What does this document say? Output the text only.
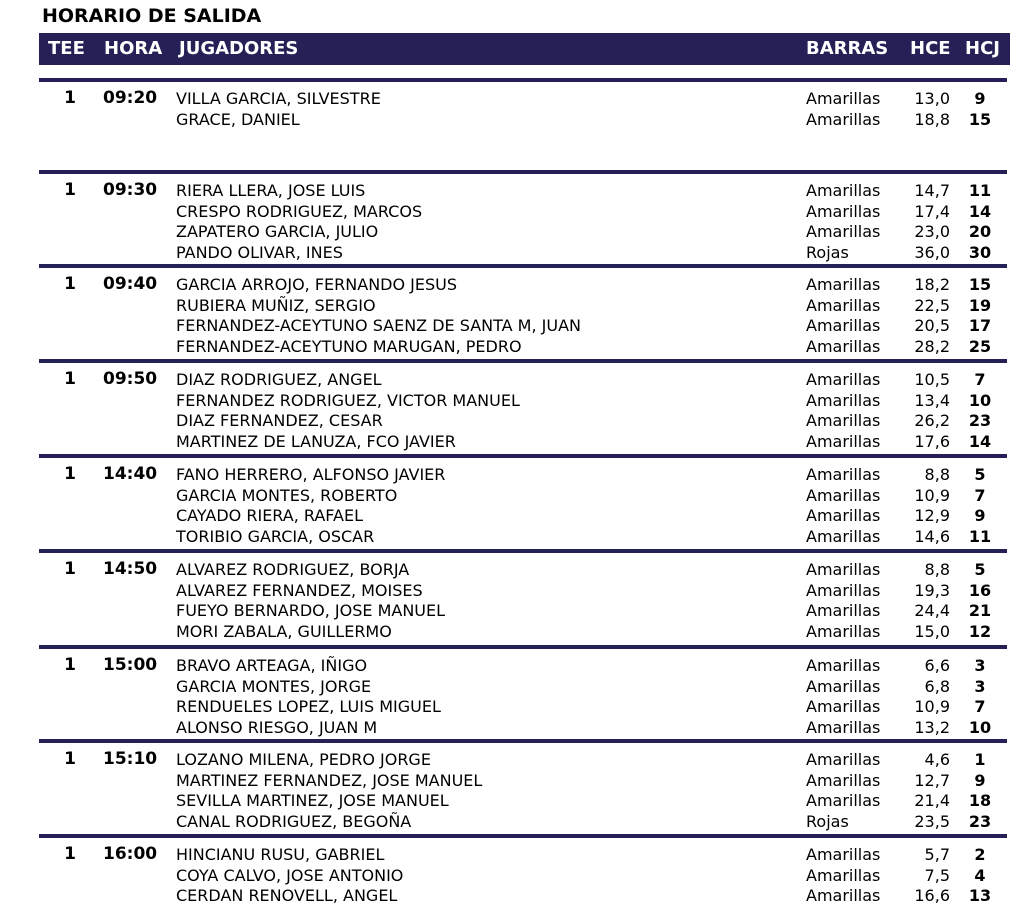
HORARIO DE SALIDA
TEE HORA JUGADORES	BARRAS HCE HCJ
1	09:20 VILLA GARCIA, SILVESTRE	Amarillas	13,0	9
GRACE, DANIEL	Amarillas	18,8	15
1	09:30 RIERA LLERA, JOSE LUIS	Amarillas	14,7	11
CRESPO RODRIGUEZ, MARCOS	Amarillas	17,4	14
ZAPATERO GARCIA, JULIO	Amarillas	23,0	20
PANDO OLIVAR, INES	Rojas	36,0	30
1	09:40 GARCIA ARROJO, FERNANDO JESUS	Amarillas	18,2	15
RUBIERA MUÑIZ, SERGIO	Amarillas	22,5	19
FERNANDEZ-ACEYTUNO SAENZ DE SANTA M, JUAN	Amarillas	20,5	17
FERNANDEZ-ACEYTUNO MARUGAN, PEDRO	Amarillas	28,2	25
1	09:50 DIAZ RODRIGUEZ, ANGEL	Amarillas	10,5	7
FERNANDEZ RODRIGUEZ, VICTOR MANUEL	Amarillas	13,4	10
DIAZ FERNANDEZ, CESAR	Amarillas	26,2	23
MARTINEZ DE LANUZA, FCO JAVIER	Amarillas	17,6	14
1	14:40 FANO HERRERO, ALFONSO JAVIER	Amarillas	8,8	5
GARCIA MONTES, ROBERTO	Amarillas	10,9	7
CAYADO RIERA, RAFAEL	Amarillas	12,9	9
TORIBIO GARCIA, OSCAR	Amarillas	14,6	11
1	14:50 ALVAREZ RODRIGUEZ, BORJA	Amarillas	8,8	5
ALVAREZ FERNANDEZ, MOISES	Amarillas	19,3	16
FUEYO BERNARDO, JOSE MANUEL	Amarillas	24,4	21
MORI ZABALA, GUILLERMO	Amarillas	15,0	12
1	15:00 BRAVO ARTEAGA, IÑIGO	Amarillas	6,6	3
GARCIA MONTES, JORGE	Amarillas	6,8	3
RENDUELES LOPEZ, LUIS MIGUEL	Amarillas	10,9	7
ALONSO RIESGO, JUAN M	Amarillas	13,2	10
1	15:10 LOZANO MILENA, PEDRO JORGE	Amarillas	4,6	1
MARTINEZ FERNANDEZ, JOSE MANUEL	Amarillas	12,7	9
SEVILLA MARTINEZ, JOSE MANUEL	Amarillas	21,4	18
CANAL RODRIGUEZ, BEGOÑA	Rojas	23,5	23
1	16:00 HINCIANU RUSU, GABRIEL	Amarillas	5,7	2
COYA CALVO, JOSE ANTONIO	Amarillas	7,5	4
CERDAN RENOVELL, ANGEL	Amarillas	16,6	13
